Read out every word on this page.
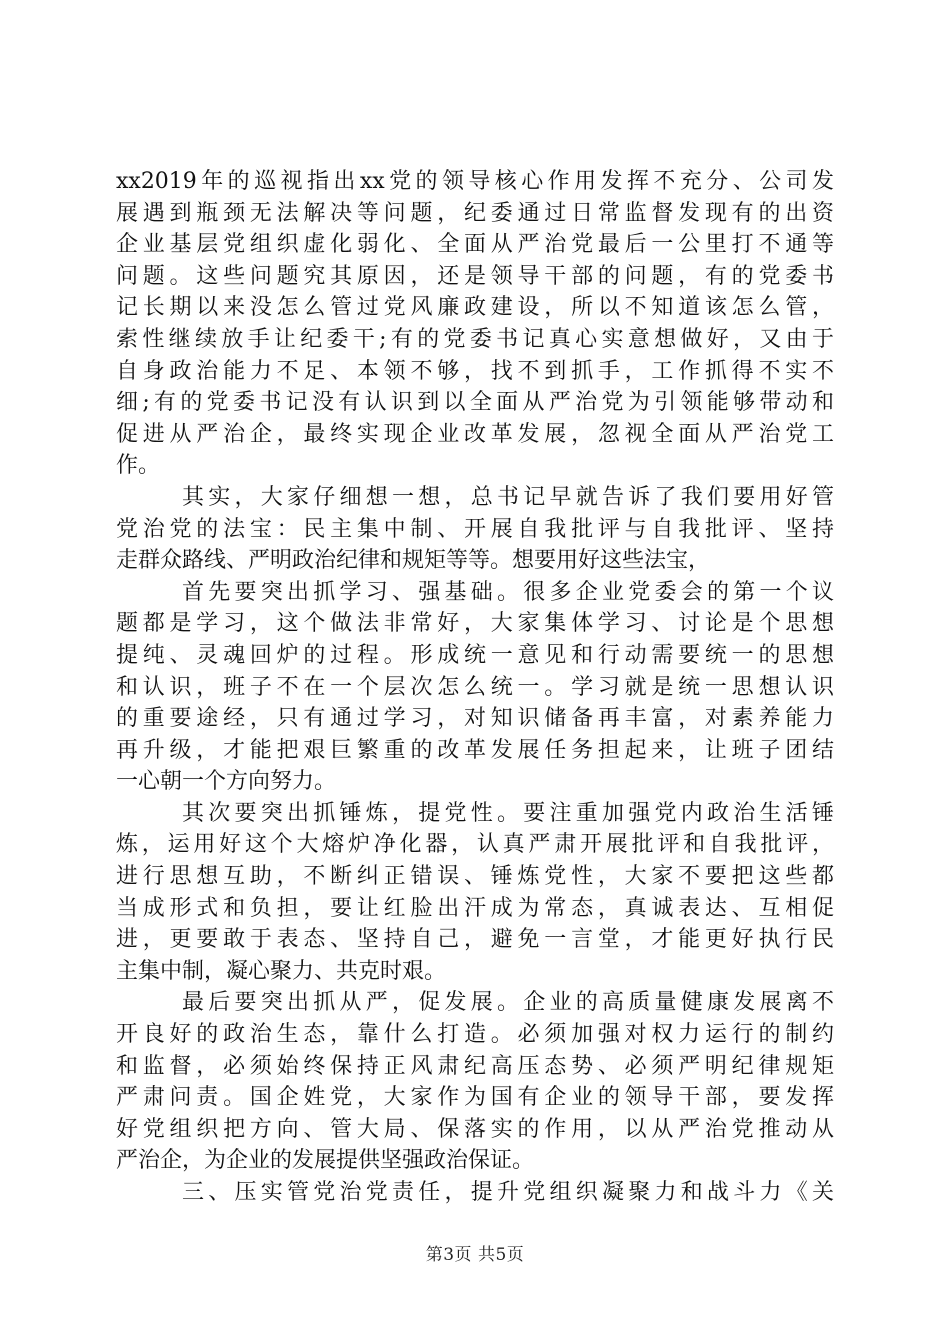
xx2019年的巡视指出xx党的领导核心作用发挥不充分、公司发
展遇到瓶颈无法解决等问题，纪委通过日常监督发现有的出资
企业基层党组织虚化弱化、全面从严治党最后一公里打不通等
问题。这些问题究其原因，还是领导干部的问题，有的党委书
记长期以来没怎么管过党风廉政建设，所以不知道该怎么管，
索性继续放手让纪委干;有的党委书记真心实意想做好，又由于
自身政治能力不足、本领不够，找不到抓手，工作抓得不实不
细;有的党委书记没有认识到以全面从严治党为引领能够带动和
促进从严治企，最终实现企业改革发展，忽视全面从严治党工
作。
其实，大家仔细想一想，总书记早就告诉了我们要用好管
党治党的法宝：民主集中制、开展自我批评与自我批评、坚持
走群众路线、严明政治纪律和规矩等等。想要用好这些法宝，
首先要突出抓学习、强基础。很多企业党委会的第一个议
题都是学习，这个做法非常好，大家集体学习、讨论是个思想
提纯、灵魂回炉的过程。形成统一意见和行动需要统一的思想
和认识，班子不在一个层次怎么统一。学习就是统一思想认识
的重要途经，只有通过学习，对知识储备再丰富，对素养能力
再升级，才能把艰巨繁重的改革发展任务担起来，让班子团结
一心朝一个方向努力。
其次要突出抓锤炼，提党性。要注重加强党内政治生活锤
炼，运用好这个大熔炉净化器，认真严肃开展批评和自我批评，
进行思想互助，不断纠正错误、锤炼党性，大家不要把这些都
当成形式和负担，要让红脸出汗成为常态，真诚表达、互相促
进，更要敢于表态、坚持自己，避免一言堂，才能更好执行民
主集中制，凝心聚力、共克时艰。
最后要突出抓从严，促发展。企业的高质量健康发展离不
开良好的政治生态，靠什么打造。必须加强对权力运行的制约
和监督，必须始终保持正风肃纪高压态势、必须严明纪律规矩
严肃问责。国企姓党，大家作为国有企业的领导干部，要发挥
好党组织把方向、管大局、保落实的作用，以从严治党推动从
严治企，为企业的发展提供坚强政治保证。
三、压实管党治党责任，提升党组织凝聚力和战斗力《关
第3页 共5页
